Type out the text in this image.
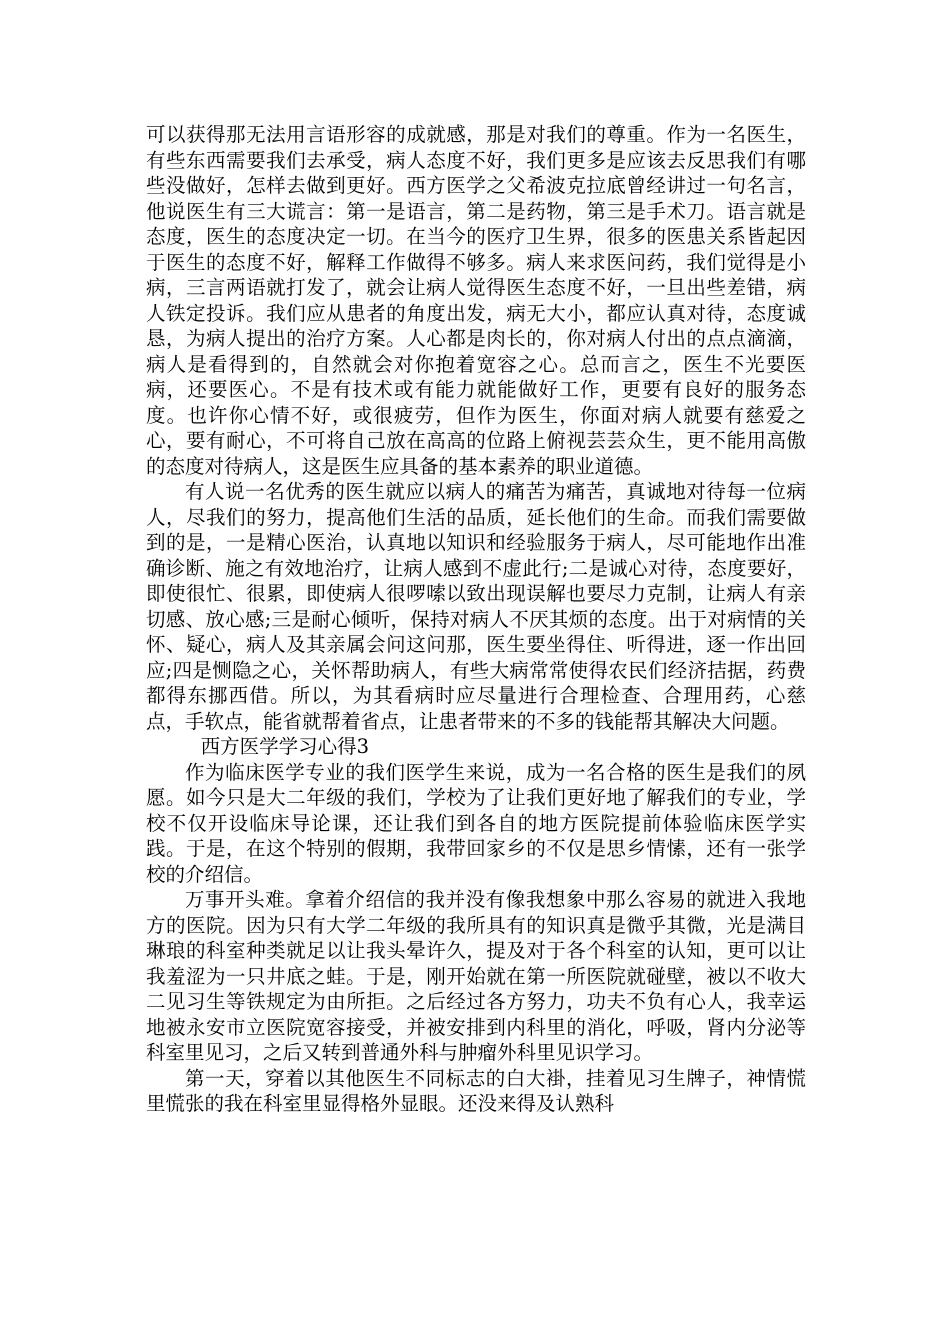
可以获得那无法用言语形容的成就感，那是对我们的尊重。作为一名医生，有些东西需要我们去承受，病人态度不好，我们更多是应该去反思我们有哪些没做好，怎样去做到更好。西方医学之父希波克拉底曾经讲过一句名言，他说医生有三大谎言：第一是语言，第二是药物，第三是手术刀。语言就是态度，医生的态度决定一切。在当今的医疗卫生界，很多的医患关系皆起因于医生的态度不好，解释工作做得不够多。病人来求医问药，我们觉得是小病，三言两语就打发了，就会让病人觉得医生态度不好，一旦出些差错，病人铁定投诉。我们应从患者的角度出发，病无大小，都应认真对待，态度诚恳，为病人提出的治疗方案。人心都是肉长的，你对病人付出的点点滴滴，病人是看得到的，自然就会对你抱着宽容之心。总而言之，医生不光要医病，还要医心。不是有技术或有能力就能做好工作，更要有良好的服务态度。也许你心情不好，或很疲劳，但作为医生，你面对病人就要有慈爱之心，要有耐心，不可将自己放在高高的位路上俯视芸芸众生，更不能用高傲的态度对待病人，这是医生应具备的基本素养的职业道德。

有人说一名优秀的医生就应以病人的痛苦为痛苦，真诚地对待每一位病人，尽我们的努力，提高他们生活的品质，延长他们的生命。而我们需要做到的是，一是精心医治，认真地以知识和经验服务于病人，尽可能地作出准确诊断、施之有效地治疗，让病人感到不虚此行;二是诚心对待，态度要好，即使很忙、很累，即使病人很啰嗦以致出现误解也要尽力克制，让病人有亲切感、放心感;三是耐心倾听，保持对病人不厌其烦的态度。出于对病情的关怀、疑心，病人及其亲属会问这问那，医生要坐得住、听得进，逐一作出回应;四是恻隐之心，关怀帮助病人，有些大病常常使得农民们经济拮据，药费都得东挪西借。所以，为其看病时应尽量进行合理检查、合理用药，心慈点，手软点，能省就帮着省点，让患者带来的不多的钱能帮其解决大问题。

西方医学学习心得3

作为临床医学专业的我们医学生来说，成为一名合格的医生是我们的夙愿。如今只是大二年级的我们，学校为了让我们更好地了解我们的专业，学校不仅开设临床导论课，还让我们到各自的地方医院提前体验临床医学实践。于是，在这个特别的假期，我带回家乡的不仅是思乡情愫，还有一张学校的介绍信。

万事开头难。拿着介绍信的我并没有像我想象中那么容易的就进入我地方的医院。因为只有大学二年级的我所具有的知识真是微乎其微，光是满目琳琅的科室种类就足以让我头晕许久，提及对于各个科室的认知，更可以让我羞涩为一只井底之蛙。于是，刚开始就在第一所医院就碰壁，被以不收大二见习生等铁规定为由所拒。之后经过各方努力，功夫不负有心人，我幸运地被永安市立医院宽容接受，并被安排到内科里的消化，呼吸，肾内分泌等科室里见习，之后又转到普通外科与肿瘤外科里见识学习。

第一天，穿着以其他医生不同标志的白大褂，挂着见习生牌子，神情慌里慌张的我在科室里显得格外显眼。还没来得及认熟科
